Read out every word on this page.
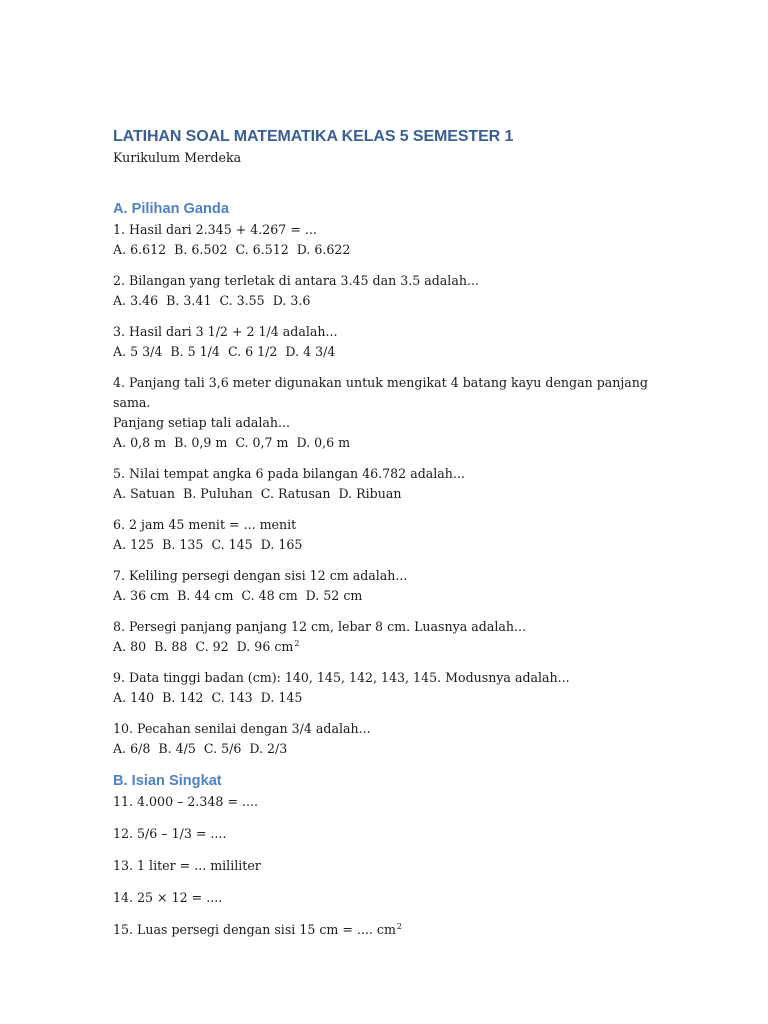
LATIHAN SOAL MATEMATIKA KELAS 5 SEMESTER 1

Kurikulum Merdeka

A. Pilihan Ganda

1. Hasil dari 2.345 + 4.267 = ...

A. 6.612  B. 6.502  C. 6.512  D. 6.622

2. Bilangan yang terletak di antara 3.45 dan 3.5 adalah...

A. 3.46  B. 3.41  C. 3.55  D. 3.6

3. Hasil dari 3 1/2 + 2 1/4 adalah...

A. 5 3/4  B. 5 1/4  C. 6 1/2  D. 4 3/4

4. Panjang tali 3,6 meter digunakan untuk mengikat 4 batang kayu dengan panjang sama.

Panjang setiap tali adalah...

A. 0,8 m  B. 0,9 m  C. 0,7 m  D. 0,6 m

5. Nilai tempat angka 6 pada bilangan 46.782 adalah...

A. Satuan  B. Puluhan  C. Ratusan  D. Ribuan

6. 2 jam 45 menit = ... menit

A. 125  B. 135  C. 145  D. 165

7. Keliling persegi dengan sisi 12 cm adalah...

A. 36 cm  B. 44 cm  C. 48 cm  D. 52 cm

8. Persegi panjang panjang 12 cm, lebar 8 cm. Luasnya adalah...

A. 80  B. 88  C. 92  D. 96 $cm^2$

9. Data tinggi badan (cm): 140, 145, 142, 143, 145. Modusnya adalah...

A. 140  B. 142  C. 143  D. 145

10. Pecahan senilai dengan 3/4 adalah...

A. 6/8  B. 4/5  C. 5/6  D. 2/3

B. Isian Singkat

11. 4.000 – 2.348 = ....

12. 5/6 – 1/3 = ....

13. 1 liter = ... mililiter

14. 25 × 12 = ....

15. Luas persegi dengan sisi 15 cm = .... $cm^2$
